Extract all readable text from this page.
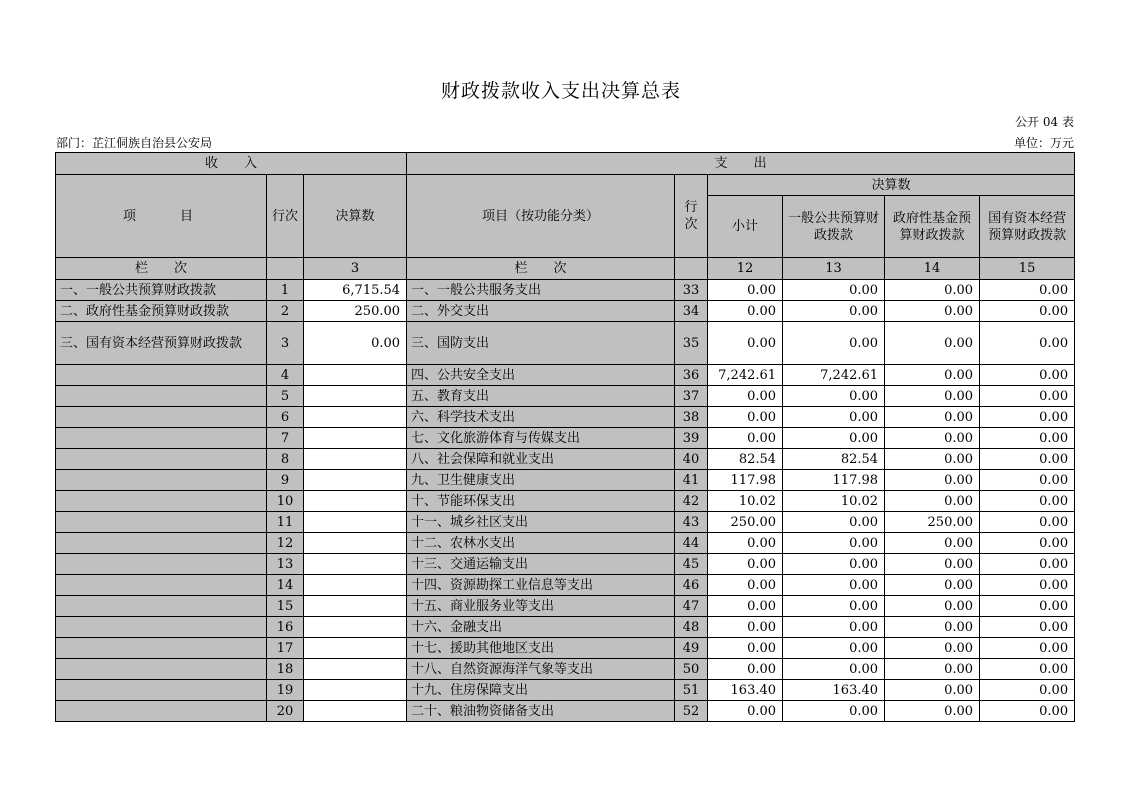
财政拨款收入支出决算总表
公开 04 表
部门：芷江侗族自治县公安局	单位：万元
收　　入			支　　出					
项　　目	行次	决算数	项目（按功能分类）	行次	决算数			
					小计	一般公共预算财政拨款	政府性基金预算财政拨款	国有资本经营预算财政拨款

栏　　次		3	栏　　次		12	13	14	15
一、一般公共预算财政拨款	1	6,715.54	一、一般公共服务支出	33	0.00	0.00	0.00	0.00
二、政府性基金预算财政拨款	2	250.00	二、外交支出	34	0.00	0.00	0.00	0.00
三、国有资本经营预算财政拨款	3	0.00	三、国防支出	35	0.00	0.00	0.00	0.00
	4		四、公共安全支出	36	7,242.61	7,242.61	0.00	0.00
	5		五、教育支出	37	0.00	0.00	0.00	0.00
	6		六、科学技术支出	38	0.00	0.00	0.00	0.00
	7		七、文化旅游体育与传媒支出	39	0.00	0.00	0.00	0.00
	8		八、社会保障和就业支出	40	82.54	82.54	0.00	0.00
	9		九、卫生健康支出	41	117.98	117.98	0.00	0.00
	10		十、节能环保支出	42	10.02	10.02	0.00	0.00
	11		十一、城乡社区支出	43	250.00	0.00	250.00	0.00
	12		十二、农林水支出	44	0.00	0.00	0.00	0.00
	13		十三、交通运输支出	45	0.00	0.00	0.00	0.00
	14		十四、资源勘探工业信息等支出	46	0.00	0.00	0.00	0.00
	15		十五、商业服务业等支出	47	0.00	0.00	0.00	0.00
	16		十六、金融支出	48	0.00	0.00	0.00	0.00
	17		十七、援助其他地区支出	49	0.00	0.00	0.00	0.00
	18		十八、自然资源海洋气象等支出	50	0.00	0.00	0.00	0.00
	19		十九、住房保障支出	51	163.40	163.40	0.00	0.00
	20		二十、粮油物资储备支出	52	0.00	0.00	0.00	0.00
